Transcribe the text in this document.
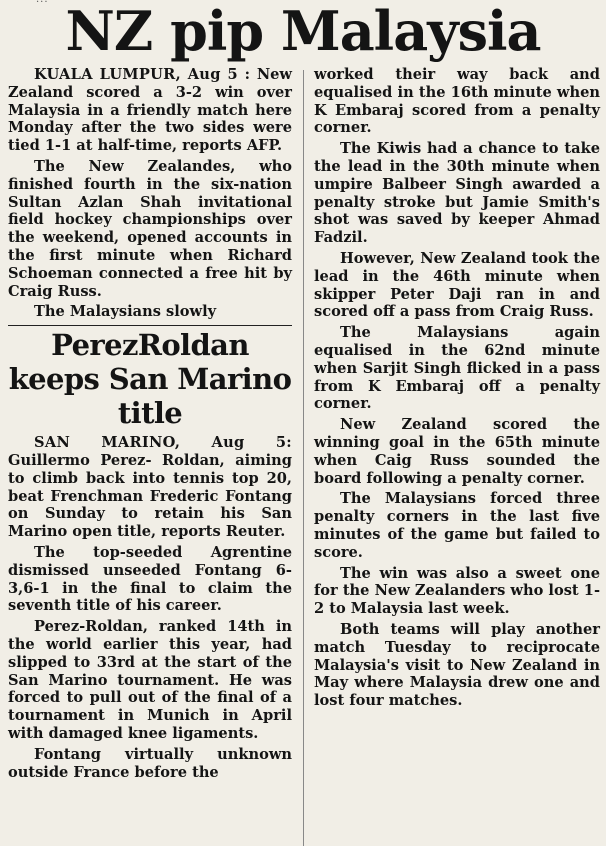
NZ pip Malaysia

KUALA LUMPUR, Aug 5 : New Zealand scored a 3-2 win over Malaysia in a friendly match here Monday after the two sides were tied 1-1 at half-time, reports AFP.

The New Zealandes, who finished fourth in the six-nation Sultan Azlan Shah invitational field hockey championships over the weekend, opened accounts in the first minute when Richard Schoeman connected a free hit by Craig Russ.

The Malaysians slowly

PerezRoldan keeps San Marino title

SAN MARINO, Aug 5: Guillermo Perez- Roldan, aiming to climb back into tennis top 20, beat Frenchman Frederic Fontang on Sunday to retain his San Marino open title, reports Reuter.

The top-seeded Agrentine dismissed unseeded Fontang 6-3,6-1 in the final to claim the seventh title of his career.

Perez-Roldan, ranked 14th in the world earlier this year, had slipped to 33rd at the start of the San Marino tournament. He was forced to pull out of the final of a tournament in Munich in April with damaged knee ligaments.

Fontang virtually unknown outside France before the

worked their way back and equalised in the 16th minute when K Embaraj scored from a penalty corner.

The Kiwis had a chance to take the lead in the 30th minute when umpire Balbeer Singh awarded a penalty stroke but Jamie Smith's shot was saved by keeper Ahmad Fadzil.

However, New Zealand took the lead in the 46th minute when skipper Peter Daji ran in and scored off a pass from Craig Russ.

The Malaysians again equalised in the 62nd minute when Sarjit Singh flicked in a pass from K Embaraj off a penalty corner.

New Zealand scored the winning goal in the 65th minute when Caig Russ sounded the board following a penalty corner.

The Malaysians forced three penalty corners in the last five minutes of the game but failed to score.

The win was also a sweet one for the New Zealanders who lost 1-2 to Malaysia last week.

Both teams will play another match Tuesday to reciprocate Malaysia's visit to New Zealand in May where Malaysia drew one and lost four matches.
